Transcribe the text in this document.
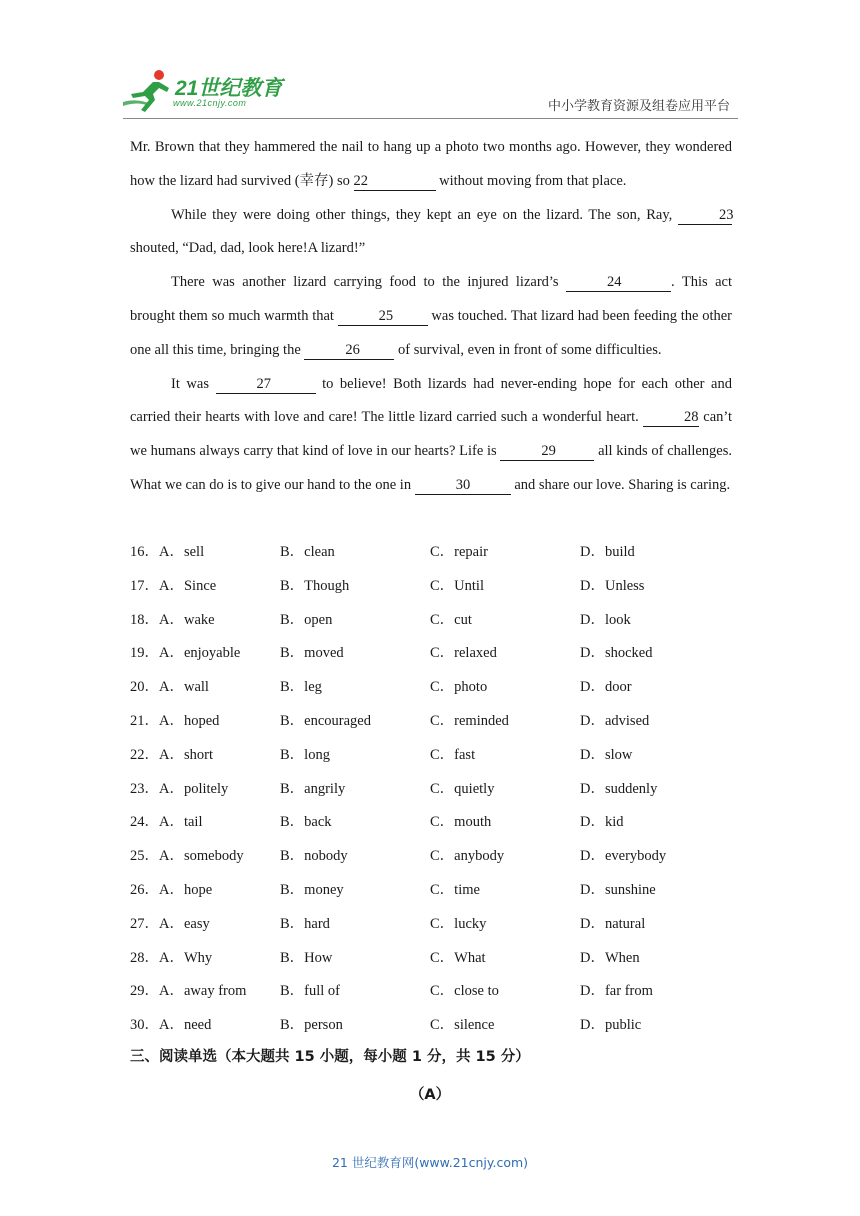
21世纪教育
www.21cnjy.com	中小学教育资源及组卷应用平台

Mr. Brown that they hammered the nail to hang up a photo two months ago. However, they wondered how the lizard had survived (幸存) so 22	without moving from that place.

While they were doing other things, they kept an eye on the lizard. The son, Ray,	23 shouted, “Dad, dad, look here!A lizard!”

There was another lizard carrying food to the injured lizard’s	24	. This act brought them so much warmth that	25 was touched. That lizard had been feeding the other one all this time, bringing the	26 of survival, even in front of some difficulties.

It was	27	to believe! Both lizards had never-ending hope for each other and carried their hearts with love and care! The little lizard carried such a wonderful heart.	28 can’t we humans always carry that kind of love in our hearts? Life is	29	all kinds of challenges. What we can do is to give our hand to the one in	30	and share our love. Sharing is caring.

16．A．sell	B．clean	C．repair	D．build
17．A．Since	B．Though	C．Until	D．Unless
18．A．wake	B．open	C．cut	D．look
19．A．enjoyable	B．moved	C．relaxed	D．shocked
20．A．wall	B．leg	C．photo	D．door
21．A．hoped	B．encouraged	C．reminded	D．advised
22．A．short	B．long	C．fast	D．slow
23．A．politely	B．angrily	C．quietly	D．suddenly
24．A．tail	B．back	C．mouth	D．kid
25．A．somebody	B．nobody	C．anybody	D．everybody
26．A．hope	B．money	C．time	D．sunshine
27．A．easy	B．hard	C．lucky	D．natural
28．A．Why	B．How	C．What	D．When
29．A．away from B．full of	C．close to	D．far from
30．A．need	B．person	C．silence	D．public
三、阅读单选（本大题共 15 小题，每小题 1 分，共 15 分）
（A）
21 世纪教育网(www.21cnjy.com)
